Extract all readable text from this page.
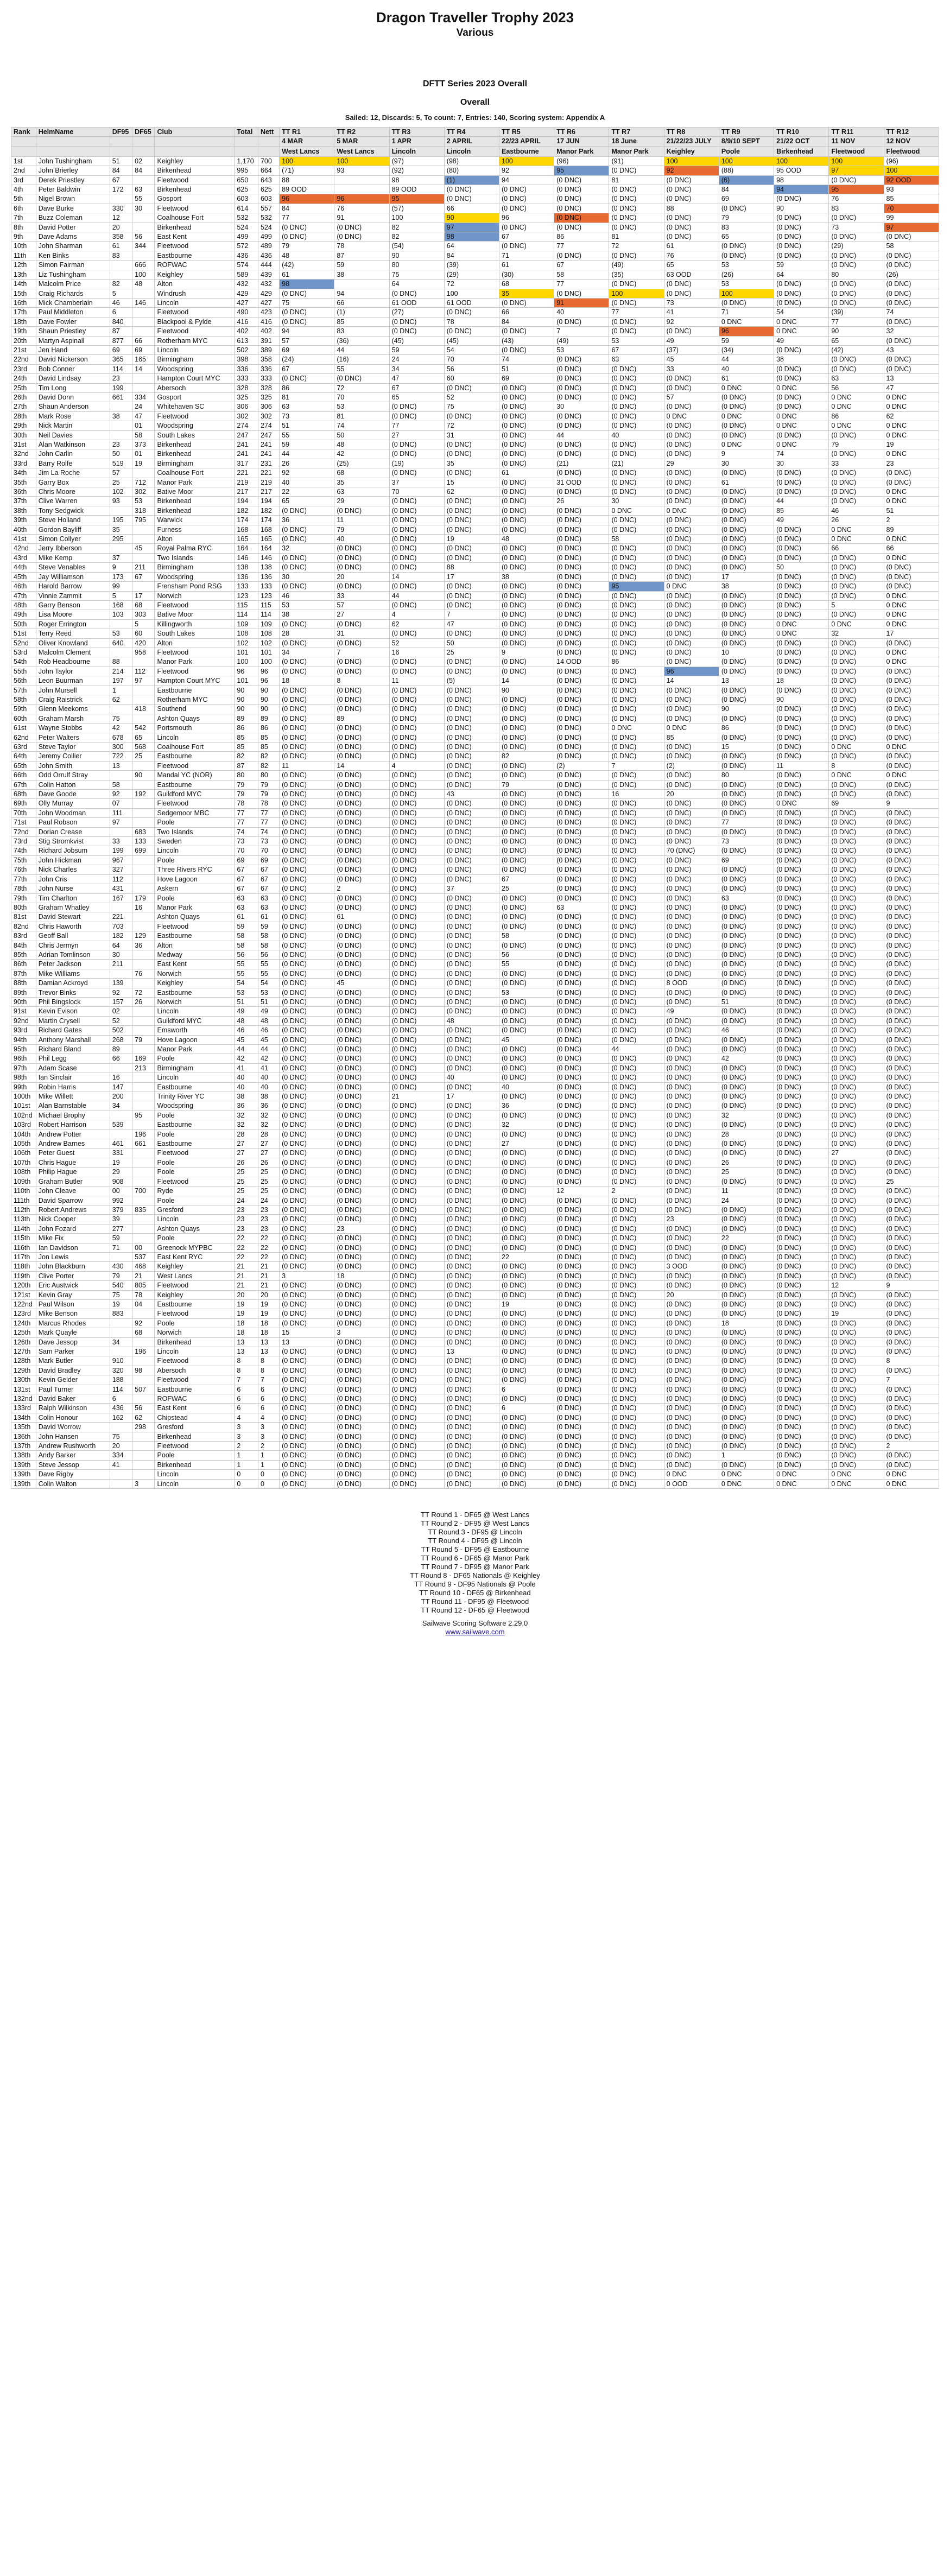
Dragon Traveller Trophy 2023
Various
DFTT Series 2023 Overall
Overall
Sailed: 12, Discards: 5, To count: 7, Entries: 140, Scoring system: Appendix A
Rank	HelmName	DF95	DF65	Club	Total	Nett	TT R1	TT R2	TT R3	TT R4	TT R5	TT R6	TT R7	TT R8	TT R9	TT R10	TT R11	TT R12
							4 MAR	5 MAR	1 APR	2 APRIL	22/23 APRIL	17 JUN	18 June	21/22/23 JULY	8/9/10 SEPT	21/22 OCT	11 NOV	12 NOV
							West Lancs	West Lancs	Lincoln	Lincoln	Eastbourne	Manor Park	Manor Park	Keighley	Poole	Birkenhead	Fleetwood	Fleetwood
1st	John Tushingham	51	02	Keighley	1,170	700	100	100	(97)	(98)	100	(96)	(91)	100	100	100	100	(96)
2nd	John Brierley	84	84	Birkenhead	995	664	(71)	93	(92)	(80)	92	95	(0 DNC)	92	(88)	95 OOD	97	100
3rd	Derek Priestley	67		Fleetwood	650	643	88		98	(1)	94	(0 DNC)	81	(0 DNC)	(6)	98	(0 DNC)	92 OOD
4th	Peter Baldwin	172	63	Birkenhead	625	625	89 OOD		89 OOD	(0 DNC)	(0 DNC)	(0 DNC)	(0 DNC)	(0 DNC)	84	94	95	93
5th	Nigel Brown		55	Gosport	603	603	96	96	95	(0 DNC)	(0 DNC)	(0 DNC)	(0 DNC)	(0 DNC)	69	(0 DNC)	76	85
6th	Dave Burke	330	30	Fleetwood	614	557	84	76	(57)	66	(0 DNC)	(0 DNC)	(0 DNC)	88	(0 DNC)	90	83	70
7th	Buzz Coleman	12		Coalhouse Fort	532	532	77	91	100	90	96	(0 DNC)	(0 DNC)	(0 DNC)	79	(0 DNC)	(0 DNC)	99
8th	David Potter	20		Birkenhead	524	524	(0 DNC)	(0 DNC)	82	97	(0 DNC)	(0 DNC)	(0 DNC)	(0 DNC)	83	(0 DNC)	73	97
9th	Dave Adams	358	56	East Kent	499	499	(0 DNC)	(0 DNC)	82	98	67	86	81	(0 DNC)	65	(0 DNC)	(0 DNC)	(0 DNC)
10th	John Sharman	61	344	Fleetwood	572	489	79	78	(54)	64	(0 DNC)	77	72	61	(0 DNC)	(0 DNC)	(29)	58
11th	Ken Binks	83		Eastbourne	436	436	48	87	90	84	71	(0 DNC)	(0 DNC)	76	(0 DNC)	(0 DNC)	(0 DNC)	(0 DNC)
12th	Simon Fairman		666	ROFWAC	574	444	(42)	59	80	(39)	61	67	(49)	65	53	59	(0 DNC)	(0 DNC)
13th	Liz Tushingham		100	Keighley	589	439	61	38	75	(29)	(30)	58	(35)	63 OOD	(26)	64	80	(26)
14th	Malcolm Price	82	48	Alton	432	432	98		64	72	68	77	(0 DNC)	(0 DNC)	53	(0 DNC)	(0 DNC)	(0 DNC)
15th	Craig Richards	5		Windrush	429	429	(0 DNC)	94	(0 DNC)	100	35	(0 DNC)	100	(0 DNC)	100	(0 DNC)	(0 DNC)	(0 DNC)
16th	Mick Chamberlain	46	146	Lincoln	427	427	75	66	61 OOD	61 OOD	(0 DNC)	91	(0 DNC)	73	(0 DNC)	(0 DNC)	(0 DNC)	(0 DNC)
17th	Paul Middleton	6		Fleetwood	490	423	(0 DNC)	(1)	(27)	(0 DNC)	66	40	77	41	71	54	(39)	74
18th	Dave Fowler	840		Blackpool & Fylde	416	416	(0 DNC)	85	(0 DNC)	78	84	(0 DNC)	(0 DNC)	92	0 DNC	0 DNC	77	(0 DNC)
19th	Shaun Priestley	87		Fleetwood	402	402	94	83	(0 DNC)	(0 DNC)	(0 DNC)	7	(0 DNC)	(0 DNC)	96	0 DNC	90	32
20th	Martyn Aspinall	877	66	Rotherham MYC	613	391	57	(36)	(45)	(45)	(43)	(49)	53	49	59	49	65	(0 DNC)
21st	Jen Hand	69	69	Lincoln	502	389	69	44	59	54	(0 DNC)	53	67	(37)	(34)	(0 DNC)	(42)	43
22nd	David Nickerson	365	165	Birmingham	398	358	(24)	(16)	24	70	74	(0 DNC)	63	45	44	38	(0 DNC)	(0 DNC)
23rd	Bob Conner	114	14	Woodspring	336	336	67	55	34	56	51	(0 DNC)	(0 DNC)	33	40	(0 DNC)	(0 DNC)	(0 DNC)
24th	David Lindsay	23		Hampton Court MYC	333	333	(0 DNC)	(0 DNC)	47	60	69	(0 DNC)	(0 DNC)	(0 DNC)	61	(0 DNC)	63	13
25th	Tim Long	199		Abersoch	328	328	86	72	67	(0 DNC)	(0 DNC)	(0 DNC)	(0 DNC)	(0 DNC)	0 DNC	0 DNC	56	47
26th	David Donn	661	334	Gosport	325	325	81	70	65	52	(0 DNC)	(0 DNC)	(0 DNC)	57	(0 DNC)	(0 DNC)	0 DNC	0 DNC
27th	Shaun Anderson		24	Whitehaven SC	306	306	63	53	(0 DNC)	75	(0 DNC)	30	(0 DNC)	(0 DNC)	(0 DNC)	(0 DNC)	0 DNC	0 DNC
28th	Mark Rose	38	47	Fleetwood	302	302	73	81	(0 DNC)	(0 DNC)	(0 DNC)	(0 DNC)	(0 DNC)	0 DNC	0 DNC	0 DNC	86	62
29th	Nick Martin		01	Woodspring	274	274	51	74	77	72	(0 DNC)	(0 DNC)	(0 DNC)	(0 DNC)	(0 DNC)	0 DNC	0 DNC	0 DNC
30th	Neil Davies		58	South Lakes	247	247	55	50	27	31	(0 DNC)	44	40	(0 DNC)	(0 DNC)	(0 DNC)	(0 DNC)	0 DNC
31st	Alan Watkinson	23	373	Birkenhead	241	241	59	48	(0 DNC)	(0 DNC)	(0 DNC)	(0 DNC)	(0 DNC)	(0 DNC)	0 DNC	0 DNC	79	19
32nd	John Carlin	50	01	Birkenhead	241	241	44	42	(0 DNC)	(0 DNC)	(0 DNC)	(0 DNC)	(0 DNC)	(0 DNC)	9	74	(0 DNC)	0 DNC
33rd	Barry Rolfe	519	19	Birmingham	317	231	26	(25)	(19)	35	(0 DNC)	(21)	(21)	29	30	30	33	23
34th	Jim La Roche	57		Coalhouse Fort	221	221	92	68	(0 DNC)	(0 DNC)	61	(0 DNC)	(0 DNC)	(0 DNC)	(0 DNC)	(0 DNC)	(0 DNC)	(0 DNC)
35th	Garry Box	25	712	Manor Park	219	219	40	35	37	15	(0 DNC)	31 OOD	(0 DNC)	(0 DNC)	61	(0 DNC)	(0 DNC)	(0 DNC)
36th	Chris Moore	102	302	Bative Moor	217	217	22	63	70	62	(0 DNC)	(0 DNC)	(0 DNC)	(0 DNC)	(0 DNC)	(0 DNC)	(0 DNC)	0 DNC
37th	Clive Warren	93	53	Birkenhead	194	194	65	29	(0 DNC)	(0 DNC)	(0 DNC)	26	30	(0 DNC)	(0 DNC)	44	(0 DNC)	0 DNC
38th	Tony Sedgwick		318	Birkenhead	182	182	(0 DNC)	(0 DNC)	(0 DNC)	(0 DNC)	(0 DNC)	(0 DNC)	0 DNC	0 DNC	(0 DNC)	85	46	51
39th	Steve Holland	195	795	Warwick	174	174	36	11	(0 DNC)	(0 DNC)	(0 DNC)	(0 DNC)	(0 DNC)	(0 DNC)	(0 DNC)	49	26	2
40th	Gordon Bayliff	35		Furness	168	168	(0 DNC)	79	(0 DNC)	(0 DNC)	(0 DNC)	(0 DNC)	(0 DNC)	(0 DNC)	(0 DNC)	(0 DNC)	0 DNC	89
41st	Simon Collyer	295		Alton	165	165	(0 DNC)	40	(0 DNC)	19	48	(0 DNC)	58	(0 DNC)	(0 DNC)	(0 DNC)	0 DNC	0 DNC
42nd	Jerry Ibberson		45	Royal Palma RYC	164	164	32	(0 DNC)	(0 DNC)	(0 DNC)	(0 DNC)	(0 DNC)	(0 DNC)	(0 DNC)	(0 DNC)	(0 DNC)	66	66
43rd	Mike Kemp	37		Two Islands	146	146	(0 DNC)	(0 DNC)	(0 DNC)	(0 DNC)	(0 DNC)	(0 DNC)	(0 DNC)	(0 DNC)	(0 DNC)	(0 DNC)	(0 DNC)	0 DNC
44th	Steve Venables	9	211	Birmingham	138	138	(0 DNC)	(0 DNC)	(0 DNC)	88	(0 DNC)	(0 DNC)	(0 DNC)	(0 DNC)	(0 DNC)	50	(0 DNC)	(0 DNC)
45th	Jay Williamson	173	67	Woodspring	136	136	30	20	14	17	38	(0 DNC)	(0 DNC)	(0 DNC)	17	(0 DNC)	(0 DNC)	(0 DNC)
46th	Harold Barrow	99		Frensham Pond RSG	133	133	(0 DNC)	(0 DNC)	(0 DNC)	(0 DNC)	(0 DNC)	(0 DNC)	95	0 DNC	38	(0 DNC)	(0 DNC)	(0 DNC)
47th	Vinnie Zammit	5	17	Norwich	123	123	46	33	44	(0 DNC)	(0 DNC)	(0 DNC)	(0 DNC)	(0 DNC)	(0 DNC)	(0 DNC)	(0 DNC)	0 DNC
48th	Garry Benson	168	68	Fleetwood	115	115	53	57	(0 DNC)	(0 DNC)	(0 DNC)	(0 DNC)	(0 DNC)	(0 DNC)	(0 DNC)	(0 DNC)	5	0 DNC
49th	Lisa Moore	103	303	Bative Moor	114	114	38	27	4	7	(0 DNC)	(0 DNC)	(0 DNC)	(0 DNC)	(0 DNC)	(0 DNC)	(0 DNC)	0 DNC
50th	Roger Errington		5	Killingworth	109	109	(0 DNC)	(0 DNC)	62	47	(0 DNC)	(0 DNC)	(0 DNC)	(0 DNC)	(0 DNC)	0 DNC	0 DNC	0 DNC
51st	Terry Reed	53	60	South Lakes	108	108	28	31	(0 DNC)	(0 DNC)	(0 DNC)	(0 DNC)	(0 DNC)	(0 DNC)	(0 DNC)	0 DNC	32	17
52nd	Oliver Knowland	640	420	Alton	102	102	(0 DNC)	(0 DNC)	52	50	(0 DNC)	(0 DNC)	(0 DNC)	(0 DNC)	(0 DNC)	(0 DNC)	(0 DNC)	(0 DNC)
53rd	Malcolm Clement		958	Fleetwood	101	101	34	7	16	25	9	(0 DNC)	(0 DNC)	(0 DNC)	10	(0 DNC)	(0 DNC)	0 DNC
54th	Rob Headbourne	88		Manor Park	100	100	(0 DNC)	(0 DNC)	(0 DNC)	(0 DNC)	(0 DNC)	14 OOD	86	(0 DNC)	(0 DNC)	(0 DNC)	(0 DNC)	0 DNC
55th	John Taylor	214	112	Fleetwood	96	96	(0 DNC)	(0 DNC)	(0 DNC)	(0 DNC)	(0 DNC)	(0 DNC)	(0 DNC)	96	(0 DNC)	(0 DNC)	(0 DNC)	(0 DNC)
56th	Leon Buurman	197	97	Hampton Court MYC	101	96	18	8	11	(5)	14	(0 DNC)	(0 DNC)	14	13	18	(0 DNC)	(0 DNC)
57th	John Mursell	1		Eastbourne	90	90	(0 DNC)	(0 DNC)	(0 DNC)	(0 DNC)	90	(0 DNC)	(0 DNC)	(0 DNC)	(0 DNC)	(0 DNC)	(0 DNC)	(0 DNC)
58th	Craig Raistrick	62		Rotherham MYC	90	90	(0 DNC)	(0 DNC)	(0 DNC)	(0 DNC)	(0 DNC)	(0 DNC)	(0 DNC)	(0 DNC)	(0 DNC)	90	(0 DNC)	(0 DNC)
59th	Glenn Meekoms		418	Southend	90	90	(0 DNC)	(0 DNC)	(0 DNC)	(0 DNC)	(0 DNC)	(0 DNC)	(0 DNC)	(0 DNC)	90	(0 DNC)	(0 DNC)	(0 DNC)
60th	Graham Marsh	75		Ashton Quays	89	89	(0 DNC)	89	(0 DNC)	(0 DNC)	(0 DNC)	(0 DNC)	(0 DNC)	(0 DNC)	(0 DNC)	(0 DNC)	(0 DNC)	(0 DNC)
61st	Wayne Stobbs	42	542	Portsmouth	86	86	(0 DNC)	(0 DNC)	(0 DNC)	(0 DNC)	(0 DNC)	(0 DNC)	0 DNC	0 DNC	86	(0 DNC)	(0 DNC)	(0 DNC)
62nd	Peter Walters	678	65	Lincoln	85	85	(0 DNC)	(0 DNC)	(0 DNC)	(0 DNC)	(0 DNC)	(0 DNC)	(0 DNC)	85	(0 DNC)	(0 DNC)	(0 DNC)	(0 DNC)
63rd	Steve Taylor	300	568	Coalhouse Fort	85	85	(0 DNC)	(0 DNC)	(0 DNC)	(0 DNC)	(0 DNC)	(0 DNC)	(0 DNC)	(0 DNC)	15	(0 DNC)	0 DNC	0 DNC
64th	Jeremy Collier	722	25	Eastbourne	82	82	(0 DNC)	(0 DNC)	(0 DNC)	(0 DNC)	82	(0 DNC)	(0 DNC)	(0 DNC)	(0 DNC)	(0 DNC)	(0 DNC)	(0 DNC)
65th	John Smith	13		Fleetwood	87	82	11	14	4	(0 DNC)	(0 DNC)	(2)	7	(2)	(0 DNC)	11	8	(0 DNC)
66th	Odd Orrulf Stray		90	Mandal YC (NOR)	80	80	(0 DNC)	(0 DNC)	(0 DNC)	(0 DNC)	(0 DNC)	(0 DNC)	(0 DNC)	(0 DNC)	80	(0 DNC)	0 DNC	0 DNC
67th	Colin Hatton	58		Eastbourne	79	79	(0 DNC)	(0 DNC)	(0 DNC)	(0 DNC)	79	(0 DNC)	(0 DNC)	(0 DNC)	(0 DNC)	(0 DNC)	(0 DNC)	(0 DNC)
68th	Dave Goode	92	192	Guildford MYC	79	79	(0 DNC)	(0 DNC)	(0 DNC)	43	(0 DNC)	(0 DNC)	16	20	(0 DNC)	(0 DNC)	(0 DNC)	(0 DNC)
69th	Olly Murray	07		Fleetwood	78	78	(0 DNC)	(0 DNC)	(0 DNC)	(0 DNC)	(0 DNC)	(0 DNC)	(0 DNC)	(0 DNC)	(0 DNC)	0 DNC	69	9
70th	John Woodman	111		Sedgemoor MBC	77	77	(0 DNC)	(0 DNC)	(0 DNC)	(0 DNC)	(0 DNC)	(0 DNC)	(0 DNC)	(0 DNC)	(0 DNC)	(0 DNC)	(0 DNC)	(0 DNC)
71st	Paul Robson	97		Poole	77	77	(0 DNC)	(0 DNC)	(0 DNC)	(0 DNC)	(0 DNC)	(0 DNC)	(0 DNC)	(0 DNC)	77	(0 DNC)	(0 DNC)	(0 DNC)
72nd	Dorian Crease		683	Two Islands	74	74	(0 DNC)	(0 DNC)	(0 DNC)	(0 DNC)	(0 DNC)	(0 DNC)	(0 DNC)	(0 DNC)	(0 DNC)	(0 DNC)	(0 DNC)	(0 DNC)
73rd	Stig Stromkvist	33	133	Sweden	73	73	(0 DNC)	(0 DNC)	(0 DNC)	(0 DNC)	(0 DNC)	(0 DNC)	(0 DNC)	(0 DNC)	73	(0 DNC)	(0 DNC)	(0 DNC)
74th	Richard Jobsum	199	699	Lincoln	70	70	(0 DNC)	(0 DNC)	(0 DNC)	(0 DNC)	(0 DNC)	(0 DNC)	(0 DNC)	70 (DNC)	(0 DNC)	(0 DNC)	(0 DNC)	(0 DNC)
75th	John Hickman	967		Poole	69	69	(0 DNC)	(0 DNC)	(0 DNC)	(0 DNC)	(0 DNC)	(0 DNC)	(0 DNC)	(0 DNC)	69	(0 DNC)	(0 DNC)	(0 DNC)
76th	Nick Charles	327		Three Rivers RYC	67	67	(0 DNC)	(0 DNC)	(0 DNC)	(0 DNC)	(0 DNC)	(0 DNC)	(0 DNC)	(0 DNC)	(0 DNC)	(0 DNC)	(0 DNC)	(0 DNC)
77th	John Cris	112		Hove Lagoon	67	67	(0 DNC)	(0 DNC)	(0 DNC)	(0 DNC)	67	(0 DNC)	(0 DNC)	(0 DNC)	(0 DNC)	(0 DNC)	(0 DNC)	(0 DNC)
78th	John Nurse	431		Askern	67	67	(0 DNC)	2	(0 DNC)	37	25	(0 DNC)	(0 DNC)	(0 DNC)	(0 DNC)	(0 DNC)	(0 DNC)	(0 DNC)
79th	Tim Charlton	167	179	Poole	63	63	(0 DNC)	(0 DNC)	(0 DNC)	(0 DNC)	(0 DNC)	(0 DNC)	(0 DNC)	(0 DNC)	63	(0 DNC)	(0 DNC)	(0 DNC)
80th	Graham Whatley		16	Manor Park	63	63	(0 DNC)	(0 DNC)	(0 DNC)	(0 DNC)	(0 DNC)	63	(0 DNC)	(0 DNC)	(0 DNC)	(0 DNC)	(0 DNC)	(0 DNC)
81st	David Stewart	221		Ashton Quays	61	61	(0 DNC)	61	(0 DNC)	(0 DNC)	(0 DNC)	(0 DNC)	(0 DNC)	(0 DNC)	(0 DNC)	(0 DNC)	(0 DNC)	(0 DNC)
82nd	Chris Haworth	703		Fleetwood	59	59	(0 DNC)	(0 DNC)	(0 DNC)	(0 DNC)	(0 DNC)	(0 DNC)	(0 DNC)	(0 DNC)	(0 DNC)	(0 DNC)	(0 DNC)	(0 DNC)
83rd	Geoff Ball	182	129	Eastbourne	58	58	(0 DNC)	(0 DNC)	(0 DNC)	(0 DNC)	58	(0 DNC)	(0 DNC)	(0 DNC)	(0 DNC)	(0 DNC)	(0 DNC)	(0 DNC)
84th	Chris Jermyn	64	36	Alton	58	58	(0 DNC)	(0 DNC)	(0 DNC)	(0 DNC)	(0 DNC)	(0 DNC)	(0 DNC)	(0 DNC)	(0 DNC)	(0 DNC)	(0 DNC)	(0 DNC)
85th	Adrian Tomlinson	30		Medway	56	56	(0 DNC)	(0 DNC)	(0 DNC)	(0 DNC)	56	(0 DNC)	(0 DNC)	(0 DNC)	(0 DNC)	(0 DNC)	(0 DNC)	(0 DNC)
86th	Peter Jackson	211		East Kent	55	55	(0 DNC)	(0 DNC)	(0 DNC)	(0 DNC)	55	(0 DNC)	(0 DNC)	(0 DNC)	(0 DNC)	(0 DNC)	(0 DNC)	(0 DNC)
87th	Mike Williams		76	Norwich	55	55	(0 DNC)	(0 DNC)	(0 DNC)	(0 DNC)	(0 DNC)	(0 DNC)	(0 DNC)	(0 DNC)	(0 DNC)	(0 DNC)	(0 DNC)	(0 DNC)
88th	Damian Ackroyd	139		Keighley	54	54	(0 DNC)	45	(0 DNC)	(0 DNC)	(0 DNC)	(0 DNC)	(0 DNC)	8 OOD	(0 DNC)	(0 DNC)	(0 DNC)	(0 DNC)
89th	Trevor Binks	92	72	Eastbourne	53	53	(0 DNC)	(0 DNC)	(0 DNC)	(0 DNC)	53	(0 DNC)	(0 DNC)	(0 DNC)	(0 DNC)	(0 DNC)	(0 DNC)	(0 DNC)
90th	Phil Bingslock	157	26	Norwich	51	51	(0 DNC)	(0 DNC)	(0 DNC)	(0 DNC)	(0 DNC)	(0 DNC)	(0 DNC)	(0 DNC)	51	(0 DNC)	(0 DNC)	(0 DNC)
91st	Kevin Evison	02		Lincoln	49	49	(0 DNC)	(0 DNC)	(0 DNC)	(0 DNC)	(0 DNC)	(0 DNC)	(0 DNC)	49	(0 DNC)	(0 DNC)	(0 DNC)	(0 DNC)
92nd	Martin Crysell	52		Guildford MYC	48	48	(0 DNC)	(0 DNC)	(0 DNC)	48	(0 DNC)	(0 DNC)	(0 DNC)	(0 DNC)	(0 DNC)	(0 DNC)	(0 DNC)	(0 DNC)
93rd	Richard Gates	502		Emsworth	46	46	(0 DNC)	(0 DNC)	(0 DNC)	(0 DNC)	(0 DNC)	(0 DNC)	(0 DNC)	(0 DNC)	46	(0 DNC)	(0 DNC)	(0 DNC)
94th	Anthony Marshall	268	79	Hove Lagoon	45	45	(0 DNC)	(0 DNC)	(0 DNC)	(0 DNC)	45	(0 DNC)	(0 DNC)	(0 DNC)	(0 DNC)	(0 DNC)	(0 DNC)	(0 DNC)
95th	Richard Bland	89		Manor Park	44	44	(0 DNC)	(0 DNC)	(0 DNC)	(0 DNC)	(0 DNC)	(0 DNC)	44	(0 DNC)	(0 DNC)	(0 DNC)	(0 DNC)	(0 DNC)
96th	Phil Legg	66	169	Poole	42	42	(0 DNC)	(0 DNC)	(0 DNC)	(0 DNC)	(0 DNC)	(0 DNC)	(0 DNC)	(0 DNC)	42	(0 DNC)	(0 DNC)	(0 DNC)
97th	Adam Scase		213	Birmingham	41	41	(0 DNC)	(0 DNC)	(0 DNC)	(0 DNC)	(0 DNC)	(0 DNC)	(0 DNC)	(0 DNC)	(0 DNC)	(0 DNC)	(0 DNC)	(0 DNC)
98th	Ian Sinclair	16		Lincoln	40	40	(0 DNC)	(0 DNC)	(0 DNC)	40	(0 DNC)	(0 DNC)	(0 DNC)	(0 DNC)	(0 DNC)	(0 DNC)	(0 DNC)	(0 DNC)
99th	Robin Harris	147		Eastbourne	40	40	(0 DNC)	(0 DNC)	(0 DNC)	(0 DNC)	40	(0 DNC)	(0 DNC)	(0 DNC)	(0 DNC)	(0 DNC)	(0 DNC)	(0 DNC)
100th	Mike Willett	200		Trinity River YC	38	38	(0 DNC)	(0 DNC)	21	17	(0 DNC)	(0 DNC)	(0 DNC)	(0 DNC)	(0 DNC)	(0 DNC)	(0 DNC)	(0 DNC)
101st	Alan Barnstable	34		Woodspring	36	36	(0 DNC)	(0 DNC)	(0 DNC)	(0 DNC)	36	(0 DNC)	(0 DNC)	(0 DNC)	(0 DNC)	(0 DNC)	(0 DNC)	(0 DNC)
102nd	Michael Brophy		95	Poole	32	32	(0 DNC)	(0 DNC)	(0 DNC)	(0 DNC)	(0 DNC)	(0 DNC)	(0 DNC)	(0 DNC)	32	(0 DNC)	(0 DNC)	(0 DNC)
103rd	Robert Harrison	539		Eastbourne	32	32	(0 DNC)	(0 DNC)	(0 DNC)	(0 DNC)	32	(0 DNC)	(0 DNC)	(0 DNC)	(0 DNC)	(0 DNC)	(0 DNC)	(0 DNC)
104th	Andrew Potter		196	Poole	28	28	(0 DNC)	(0 DNC)	(0 DNC)	(0 DNC)	(0 DNC)	(0 DNC)	(0 DNC)	(0 DNC)	28	(0 DNC)	(0 DNC)	(0 DNC)
105th	Andrew Barnes	461	661	Eastbourne	27	27	(0 DNC)	(0 DNC)	(0 DNC)	(0 DNC)	27	(0 DNC)	(0 DNC)	(0 DNC)	(0 DNC)	(0 DNC)	(0 DNC)	(0 DNC)
106th	Peter Guest	331		Fleetwood	27	27	(0 DNC)	(0 DNC)	(0 DNC)	(0 DNC)	(0 DNC)	(0 DNC)	(0 DNC)	(0 DNC)	(0 DNC)	(0 DNC)	27	(0 DNC)
107th	Chris Hague	19		Poole	26	26	(0 DNC)	(0 DNC)	(0 DNC)	(0 DNC)	(0 DNC)	(0 DNC)	(0 DNC)	(0 DNC)	26	(0 DNC)	(0 DNC)	(0 DNC)
108th	Philip Hague	29		Poole	25	25	(0 DNC)	(0 DNC)	(0 DNC)	(0 DNC)	(0 DNC)	(0 DNC)	(0 DNC)	(0 DNC)	25	(0 DNC)	(0 DNC)	(0 DNC)
109th	Graham Butler	908		Fleetwood	25	25	(0 DNC)	(0 DNC)	(0 DNC)	(0 DNC)	(0 DNC)	(0 DNC)	(0 DNC)	(0 DNC)	(0 DNC)	(0 DNC)	(0 DNC)	25
110th	John Cleave	00	700	Ryde	25	25	(0 DNC)	(0 DNC)	(0 DNC)	(0 DNC)	(0 DNC)	12	2	(0 DNC)	11	(0 DNC)	(0 DNC)	(0 DNC)
111th	David Sparrow	992		Poole	24	24	(0 DNC)	(0 DNC)	(0 DNC)	(0 DNC)	(0 DNC)	(0 DNC)	(0 DNC)	(0 DNC)	24	(0 DNC)	(0 DNC)	(0 DNC)
112th	Robert Andrews	379	835	Gresford	23	23	(0 DNC)	(0 DNC)	(0 DNC)	(0 DNC)	(0 DNC)	(0 DNC)	(0 DNC)	(0 DNC)	(0 DNC)	(0 DNC)	(0 DNC)	(0 DNC)
113th	Nick Cooper	39		Lincoln	23	23	(0 DNC)	(0 DNC)	(0 DNC)	(0 DNC)	(0 DNC)	(0 DNC)	(0 DNC)	23	(0 DNC)	(0 DNC)	(0 DNC)	(0 DNC)
114th	John Fozard	277		Ashton Quays	23	23	(0 DNC)	23	(0 DNC)	(0 DNC)	(0 DNC)	(0 DNC)	(0 DNC)	(0 DNC)	(0 DNC)	(0 DNC)	(0 DNC)	(0 DNC)
115th	Mike Fix	59		Poole	22	22	(0 DNC)	(0 DNC)	(0 DNC)	(0 DNC)	(0 DNC)	(0 DNC)	(0 DNC)	(0 DNC)	22	(0 DNC)	(0 DNC)	(0 DNC)
116th	Ian Davidson	71	00	Greenock MYPBC	22	22	(0 DNC)	(0 DNC)	(0 DNC)	(0 DNC)	(0 DNC)	(0 DNC)	(0 DNC)	(0 DNC)	(0 DNC)	(0 DNC)	(0 DNC)	(0 DNC)
117th	Jon Lewis		537	East Kent RYC	22	22	(0 DNC)	(0 DNC)	(0 DNC)	(0 DNC)	22	(0 DNC)	(0 DNC)	(0 DNC)	(0 DNC)	(0 DNC)	(0 DNC)	(0 DNC)
118th	John Blackburn	430	468	Keighley	21	21	(0 DNC)	(0 DNC)	(0 DNC)	(0 DNC)	(0 DNC)	(0 DNC)	(0 DNC)	3 OOD	(0 DNC)	(0 DNC)	(0 DNC)	(0 DNC)
119th	Clive Porter	79	21	West Lancs	21	21	3	18	(0 DNC)	(0 DNC)	(0 DNC)	(0 DNC)	(0 DNC)	(0 DNC)	(0 DNC)	(0 DNC)	(0 DNC)	(0 DNC)
120th	Eric Austwick	540	805	Fleetwood	21	21	(0 DNC)	(0 DNC)	(0 DNC)	(0 DNC)	(0 DNC)	(0 DNC)	(0 DNC)	(0 DNC)	(0 DNC)	(0 DNC)	12	9
121st	Kevin Gray	75	78	Keighley	20	20	(0 DNC)	(0 DNC)	(0 DNC)	(0 DNC)	(0 DNC)	(0 DNC)	(0 DNC)	20	(0 DNC)	(0 DNC)	(0 DNC)	(0 DNC)
122nd	Paul Wilson	19	04	Eastbourne	19	19	(0 DNC)	(0 DNC)	(0 DNC)	(0 DNC)	19	(0 DNC)	(0 DNC)	(0 DNC)	(0 DNC)	(0 DNC)	(0 DNC)	(0 DNC)
123rd	Mike Benson	883		Fleetwood	19	19	(0 DNC)	(0 DNC)	(0 DNC)	(0 DNC)	(0 DNC)	(0 DNC)	(0 DNC)	(0 DNC)	(0 DNC)	(0 DNC)	19	(0 DNC)
124th	Marcus Rhodes		92	Poole	18	18	(0 DNC)	(0 DNC)	(0 DNC)	(0 DNC)	(0 DNC)	(0 DNC)	(0 DNC)	(0 DNC)	18	(0 DNC)	(0 DNC)	(0 DNC)
125th	Mark Quayle		68	Norwich	18	18	15	3	(0 DNC)	(0 DNC)	(0 DNC)	(0 DNC)	(0 DNC)	(0 DNC)	(0 DNC)	(0 DNC)	(0 DNC)	(0 DNC)
126th	Dave Jessop	34		Birkenhead	13	13	13	(0 DNC)	(0 DNC)	(0 DNC)	(0 DNC)	(0 DNC)	(0 DNC)	(0 DNC)	(0 DNC)	(0 DNC)	(0 DNC)	(0 DNC)
127th	Sam Parker		196	Lincoln	13	13	(0 DNC)	(0 DNC)	(0 DNC)	13	(0 DNC)	(0 DNC)	(0 DNC)	(0 DNC)	(0 DNC)	(0 DNC)	(0 DNC)	(0 DNC)
128th	Mark Butler	910		Fleetwood	8	8	(0 DNC)	(0 DNC)	(0 DNC)	(0 DNC)	(0 DNC)	(0 DNC)	(0 DNC)	(0 DNC)	(0 DNC)	(0 DNC)	(0 DNC)	8
129th	David Bradley	320	98	Abersoch	8	8	(0 DNC)	(0 DNC)	(0 DNC)	(0 DNC)	(0 DNC)	(0 DNC)	(0 DNC)	(0 DNC)	(0 DNC)	(0 DNC)	(0 DNC)	(0 DNC)
130th	Kevin Gelder	188		Fleetwood	7	7	(0 DNC)	(0 DNC)	(0 DNC)	(0 DNC)	(0 DNC)	(0 DNC)	(0 DNC)	(0 DNC)	(0 DNC)	(0 DNC)	(0 DNC)	7
131st	Paul Turner	114	507	Eastbourne	6	6	(0 DNC)	(0 DNC)	(0 DNC)	(0 DNC)	6	(0 DNC)	(0 DNC)	(0 DNC)	(0 DNC)	(0 DNC)	(0 DNC)	(0 DNC)
132nd	David Baker	6		ROFWAC	6	6	(0 DNC)	(0 DNC)	(0 DNC)	(0 DNC)	(0 DNC)	(0 DNC)	(0 DNC)	(0 DNC)	(0 DNC)	(0 DNC)	(0 DNC)	(0 DNC)
133rd	Ralph Wilkinson	436	56	East Kent	6	6	(0 DNC)	(0 DNC)	(0 DNC)	(0 DNC)	6	(0 DNC)	(0 DNC)	(0 DNC)	(0 DNC)	(0 DNC)	(0 DNC)	(0 DNC)
134th	Colin Honour	162	62	Chipstead	4	4	(0 DNC)	(0 DNC)	(0 DNC)	(0 DNC)	(0 DNC)	(0 DNC)	(0 DNC)	(0 DNC)	(0 DNC)	(0 DNC)	(0 DNC)	(0 DNC)
135th	David Worrow		298	Gresford	3	3	(0 DNC)	(0 DNC)	(0 DNC)	(0 DNC)	(0 DNC)	(0 DNC)	(0 DNC)	(0 DNC)	(0 DNC)	(0 DNC)	(0 DNC)	(0 DNC)
136th	John Hansen	75		Birkenhead	3	3	(0 DNC)	(0 DNC)	(0 DNC)	(0 DNC)	(0 DNC)	(0 DNC)	(0 DNC)	(0 DNC)	(0 DNC)	(0 DNC)	(0 DNC)	(0 DNC)
137th	Andrew Rushworth	20		Fleetwood	2	2	(0 DNC)	(0 DNC)	(0 DNC)	(0 DNC)	(0 DNC)	(0 DNC)	(0 DNC)	(0 DNC)	(0 DNC)	(0 DNC)	(0 DNC)	2
138th	Andy Barker	334		Poole	1	1	(0 DNC)	(0 DNC)	(0 DNC)	(0 DNC)	(0 DNC)	(0 DNC)	(0 DNC)	(0 DNC)	1	(0 DNC)	(0 DNC)	(0 DNC)
139th	Steve Jessop	41		Birkenhead	1	1	(0 DNC)	(0 DNC)	(0 DNC)	(0 DNC)	(0 DNC)	(0 DNC)	(0 DNC)	(0 DNC)	(0 DNC)	(0 DNC)	(0 DNC)	(0 DNC)
139th	Dave Rigby			Lincoln	0	0	(0 DNC)	(0 DNC)	(0 DNC)	(0 DNC)	(0 DNC)	(0 DNC)	(0 DNC)	0 DNC	0 DNC	0 DNC	0 DNC	0 DNC
139th	Colin Walton		3	Lincoln	0	0	(0 DNC)	(0 DNC)	(0 DNC)	(0 DNC)	(0 DNC)	(0 DNC)	(0 DNC)	0 OOD	0 DNC	0 DNC	0 DNC	0 DNC
TT Round 1 - DF65 @ West Lancs
TT Round 2 - DF95 @ West Lancs
TT Round 3 - DF95 @ Lincoln
TT Round 4 - DF95 @ Lincoln
TT Round 5 - DF95 @ Eastbourne
TT Round 6 - DF65 @ Manor Park
TT Round 7 - DF95 @ Manor Park
TT Round 8 - DF65 Nationals @ Keighley
TT Round 9 - DF95 Nationals @ Poole
TT Round 10 - DF65 @ Birkenhead
TT Round 11 - DF95 @ Fleetwood
TT Round 12 - DF65 @ Fleetwood
Sailwave Scoring Software 2.29.0
www.sailwave.com
